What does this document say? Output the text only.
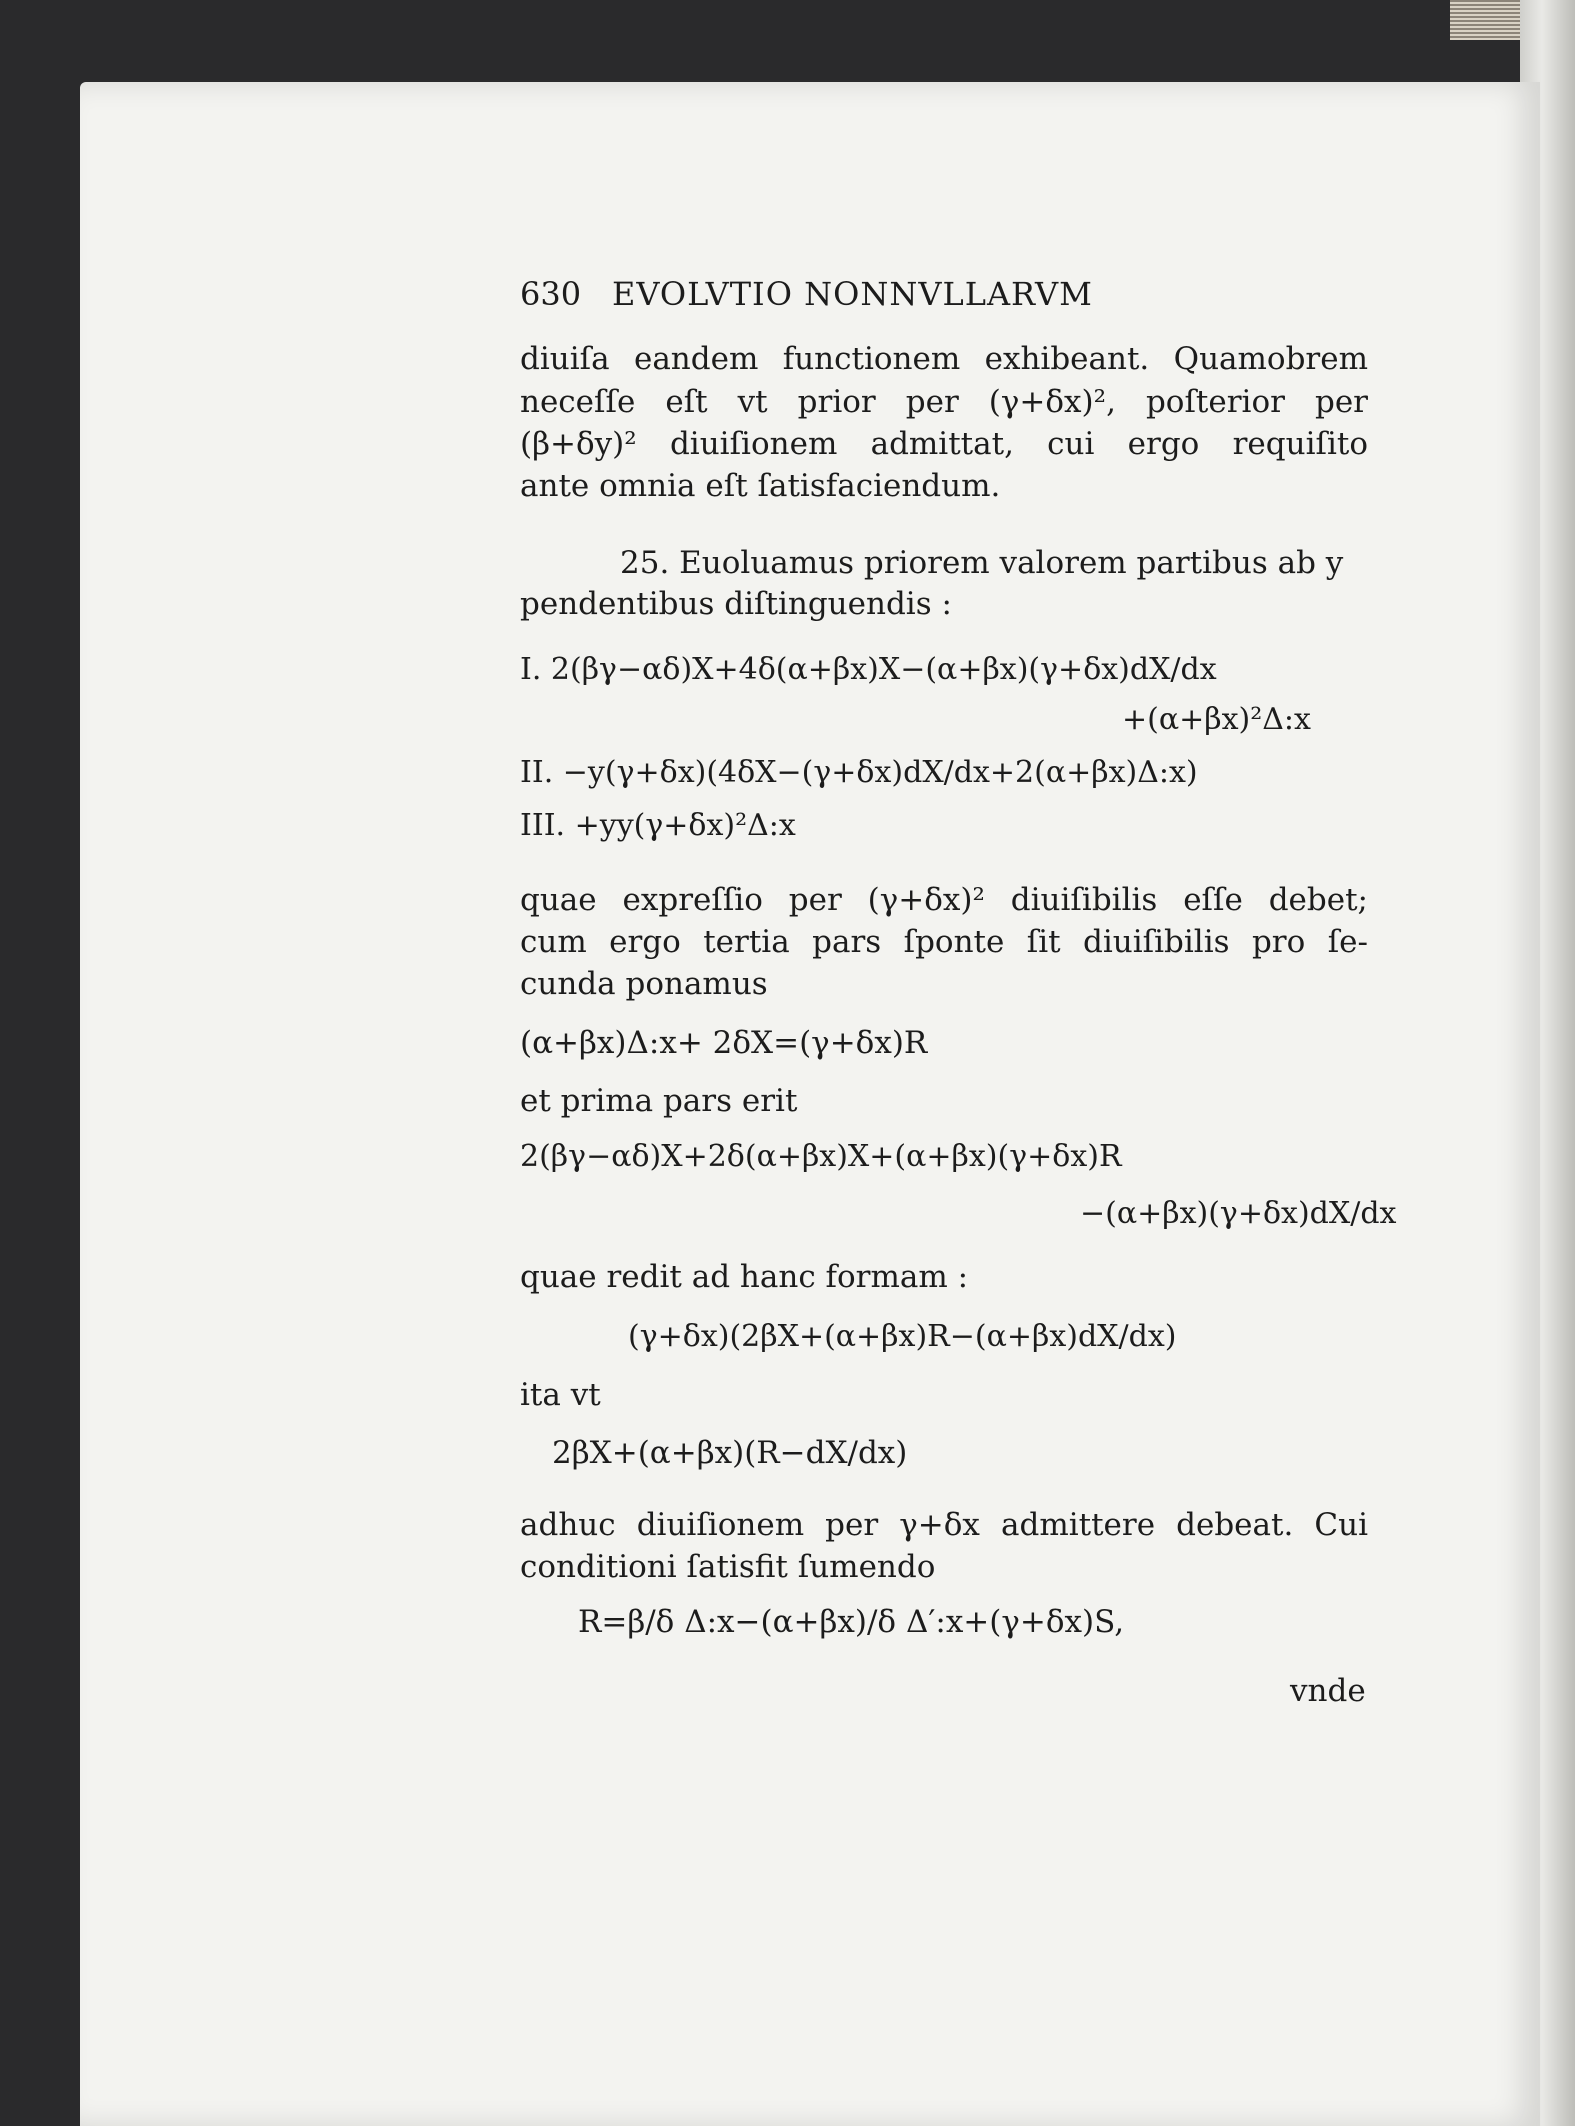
630 EVOLVTIO NONNVLLARVM
diuiſa eandem functionem exhibeant. Quamobrem
neceſſe eſt vt prior per (γ+δx)², poſterior per
(β+δy)² diuiſionem admittat, cui ergo requiſito
ante omnia eſt ſatisfaciendum.
25. Euoluamus priorem valorem partibus ab y
pendentibus diſtinguendis :
I. 2(βγ−αδ)X+4δ(α+βx)X−(α+βx)(γ+δx)dX/dx
+(α+βx)²Δ:x
II. −y(γ+δx)(4δX−(γ+δx)dX/dx+2(α+βx)Δ:x)
III. +yy(γ+δx)²Δ:x
quae expreſſio per (γ+δx)² diuiſibilis eſſe debet;
cum ergo tertia pars ſponte ſit diuiſibilis pro ſe-
cunda ponamus
(α+βx)Δ:x+ 2δX=(γ+δx)R
et prima pars erit
2(βγ−αδ)X+2δ(α+βx)X+(α+βx)(γ+δx)R
−(α+βx)(γ+δx)dX/dx
quae redit ad hanc formam :
(γ+δx)(2βX+(α+βx)R−(α+βx)dX/dx)
ita vt
2βX+(α+βx)(R−dX/dx)
adhuc diuiſionem per γ+δx admittere debeat. Cui
conditioni ſatisfit ſumendo
R=β/δ Δ:x−(α+βx)/δ Δ′:x+(γ+δx)S,
vnde
